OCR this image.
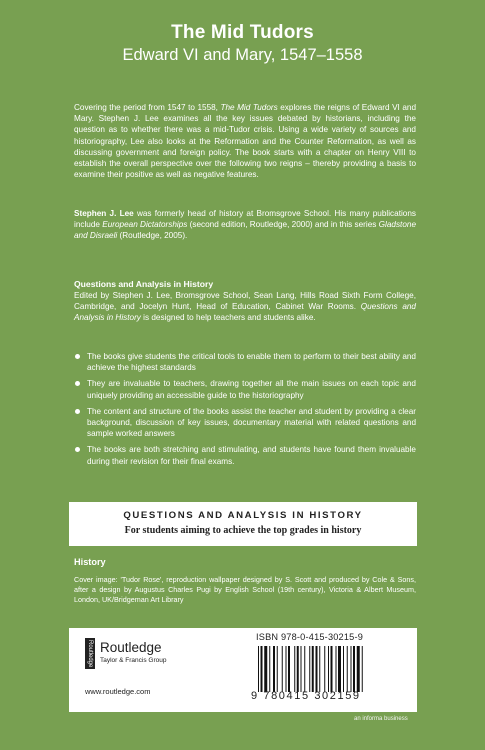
The Mid Tudors
Edward VI and Mary, 1547–1558

Covering the period from 1547 to 1558, The Mid Tudors explores the reigns of Edward VI and Mary. Stephen J. Lee examines all the key issues debated by historians, including the question as to whether there was a mid-Tudor crisis. Using a wide variety of sources and historiography, Lee also looks at the Reformation and the Counter Reformation, as well as discussing government and foreign policy. The book starts with a chapter on Henry VIII to establish the overall perspective over the following two reigns – thereby providing a basis to examine their positive as well as negative features.

Stephen J. Lee was formerly head of history at Bromsgrove School. His many publications include European Dictatorships (second edition, Routledge, 2000) and in this series Gladstone and Disraeli (Routledge, 2005).

Questions and Analysis in History

Edited by Stephen J. Lee, Bromsgrove School, Sean Lang, Hills Road Sixth Form College, Cambridge, and Jocelyn Hunt, Head of Education, Cabinet War Rooms. Questions and Analysis in History is designed to help teachers and students alike.

The books give students the critical tools to enable them to perform to their best ability and achieve the highest standards
They are invaluable to teachers, drawing together all the main issues on each topic and uniquely providing an accessible guide to the historiography
The content and structure of the books assist the teacher and student by providing a clear background, discussion of key issues, documentary material with related questions and sample worked answers
The books are both stretching and stimulating, and students have found them invaluable during their revision for their final exams.
QUESTIONS AND ANALYSIS IN HISTORY
For students aiming to achieve the top grades in history
History

Cover image: 'Tudor Rose', reproduction wallpaper designed by S. Scott and produced by Cole & Sons, after a design by Augustus Charles Pugi by English School (19th century), Victoria & Albert Museum, London, UK/Bridgeman Art Library

Routledge Routledge
Taylor & Francis Group
www.routledge.com
ISBN 978-0-415-30215-9
9 780415 302159
an informa business
